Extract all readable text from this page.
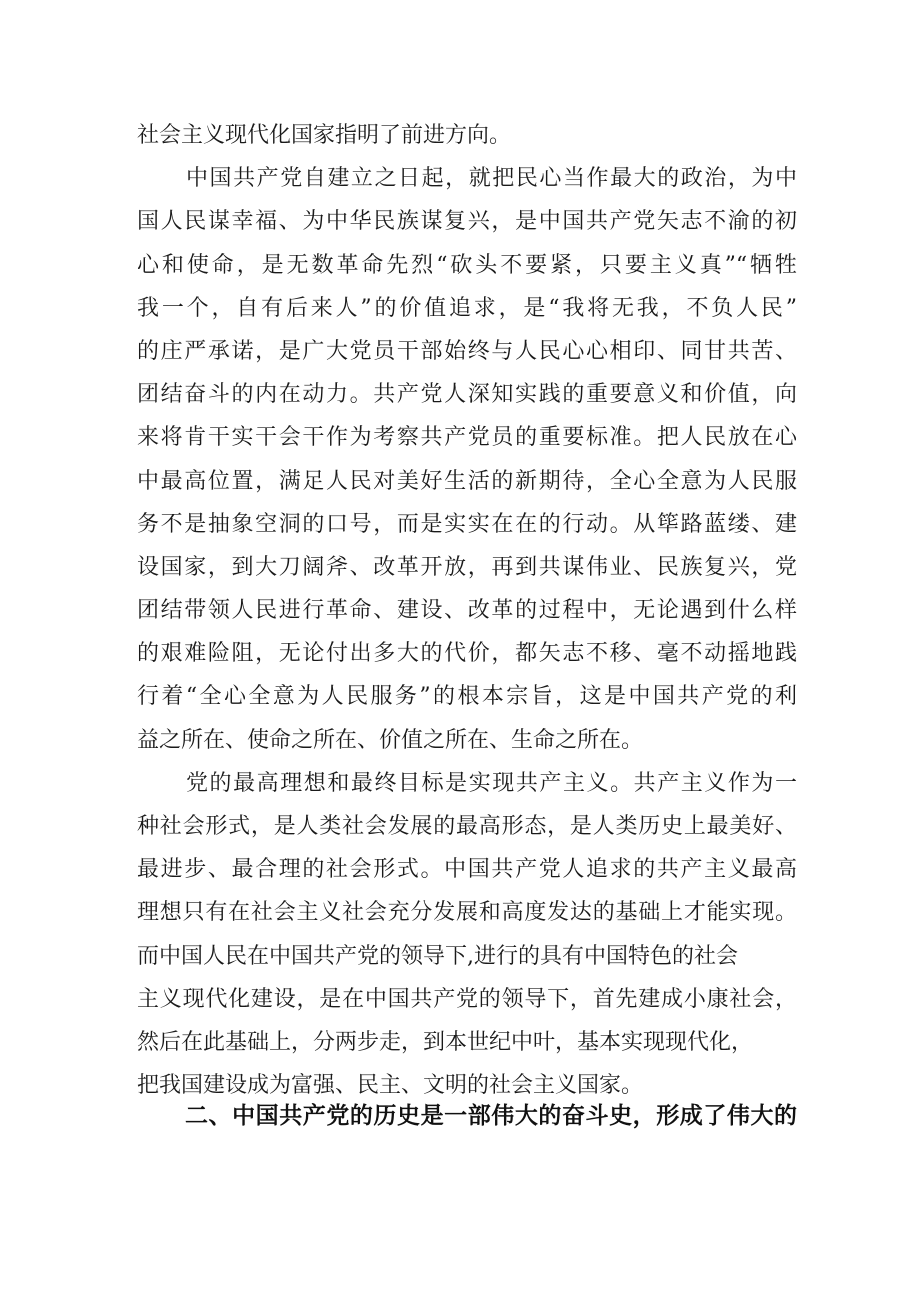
社会主义现代化国家指明了前进方向。
中国共产党自建立之日起，就把民心当作最大的政治，为中
国人民谋幸福、为中华民族谋复兴，是中国共产党矢志不渝的初
心和使命，是无数革命先烈“砍头不要紧，只要主义真”“牺牲
我一个，自有后来人”的价值追求，是“我将无我，不负人民”
的庄严承诺，是广大党员干部始终与人民心心相印、同甘共苦、
团结奋斗的内在动力。共产党人深知实践的重要意义和价值，向
来将肯干实干会干作为考察共产党员的重要标准。把人民放在心
中最高位置，满足人民对美好生活的新期待，全心全意为人民服
务不是抽象空洞的口号，而是实实在在的行动。从筚路蓝缕、建
设国家，到大刀阔斧、改革开放，再到共谋伟业、民族复兴，党
团结带领人民进行革命、建设、改革的过程中，无论遇到什么样
的艰难险阻，无论付出多大的代价，都矢志不移、毫不动摇地践
行着“全心全意为人民服务”的根本宗旨，这是中国共产党的利
益之所在、使命之所在、价值之所在、生命之所在。
党的最高理想和最终目标是实现共产主义。共产主义作为一
种社会形式，是人类社会发展的最高形态，是人类历史上最美好、
最进步、最合理的社会形式。中国共产党人追求的共产主义最高
理想只有在社会主义社会充分发展和高度发达的基础上才能实现。
而中国人民在中国共产党的领导下,进行的具有中国特色的社会
主义现代化建设，是在中国共产党的领导下，首先建成小康社会，
然后在此基础上，分两步走，到本世纪中叶，基本实现现代化，
把我国建设成为富强、民主、文明的社会主义国家。
二、中国共产党的历史是一部伟大的奋斗史，形成了伟大的
